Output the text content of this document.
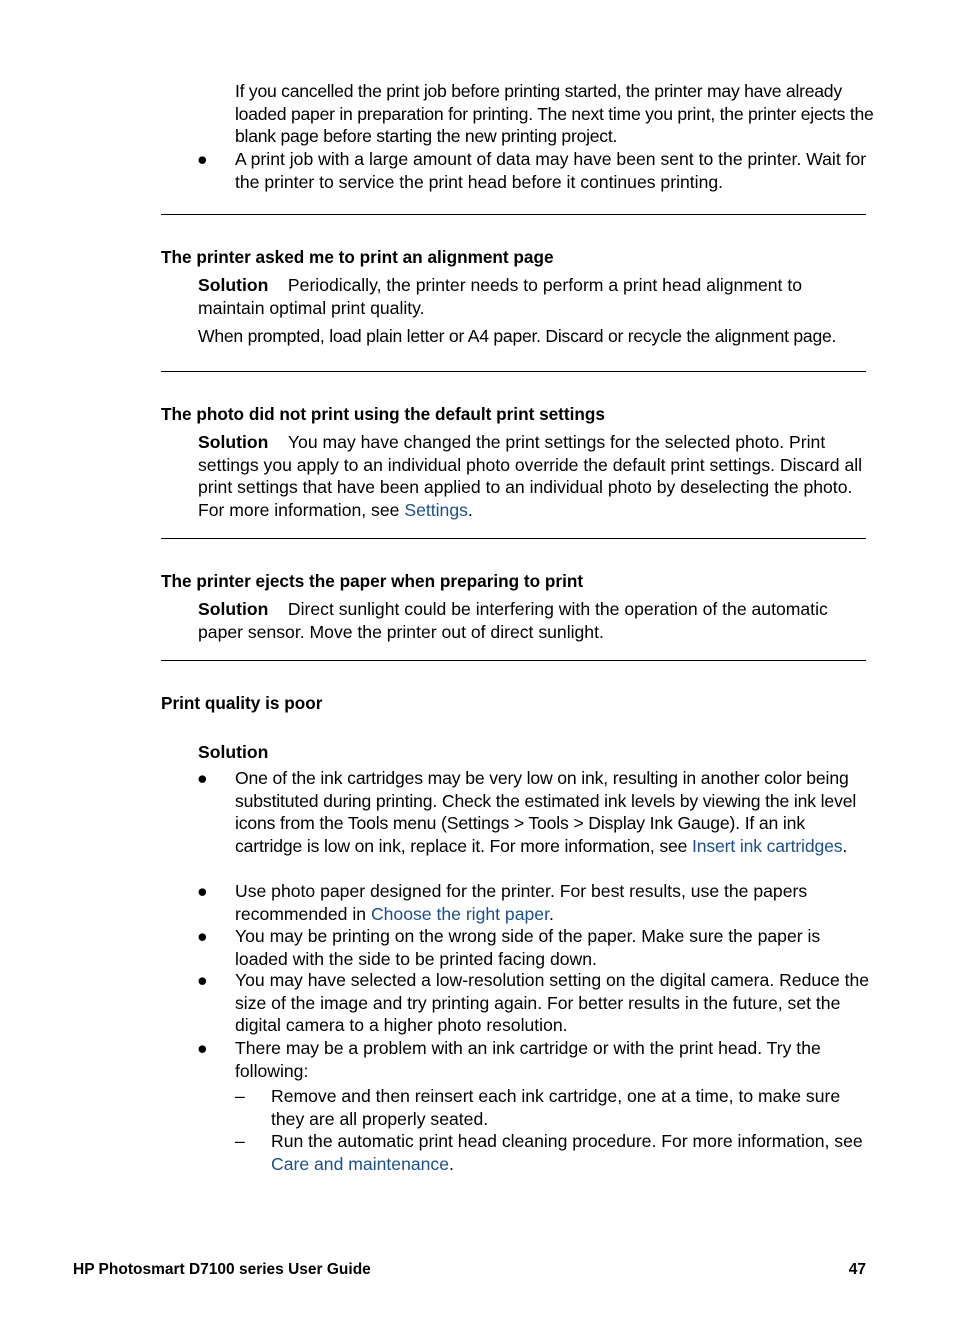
If you cancelled the print job before printing started, the printer may have already loaded paper in preparation for printing. The next time you print, the printer ejects the blank page before starting the new printing project.

● A print job with a large amount of data may have been sent to the printer. Wait for the printer to service the print head before it continues printing.

The printer asked me to print an alignment page

Solution Periodically, the printer needs to perform a print head alignment to maintain optimal print quality.

When prompted, load plain letter or A4 paper. Discard or recycle the alignment page.

The photo did not print using the default print settings

Solution You may have changed the print settings for the selected photo. Print settings you apply to an individual photo override the default print settings. Discard all print settings that have been applied to an individual photo by deselecting the photo. For more information, see Settings.

The printer ejects the paper when preparing to print

Solution Direct sunlight could be interfering with the operation of the automatic paper sensor. Move the printer out of direct sunlight.

Print quality is poor
Solution
● One of the ink cartridges may be very low on ink, resulting in another color being substituted during printing. Check the estimated ink levels by viewing the ink level icons from the Tools menu (Settings > Tools > Display Ink Gauge). If an ink cartridge is low on ink, replace it. For more information, see Insert ink cartridges.

● Use photo paper designed for the printer. For best results, use the papers recommended in Choose the right paper.

● You may be printing on the wrong side of the paper. Make sure the paper is loaded with the side to be printed facing down.

● You may have selected a low-resolution setting on the digital camera. Reduce the size of the image and try printing again. For better results in the future, set the digital camera to a higher photo resolution.

● There may be a problem with an ink cartridge or with the print head. Try the following:

– Remove and then reinsert each ink cartridge, one at a time, to make sure they are all properly seated.

– Run the automatic print head cleaning procedure. For more information, see Care and maintenance.

HP Photosmart D7100 series User Guide	47
